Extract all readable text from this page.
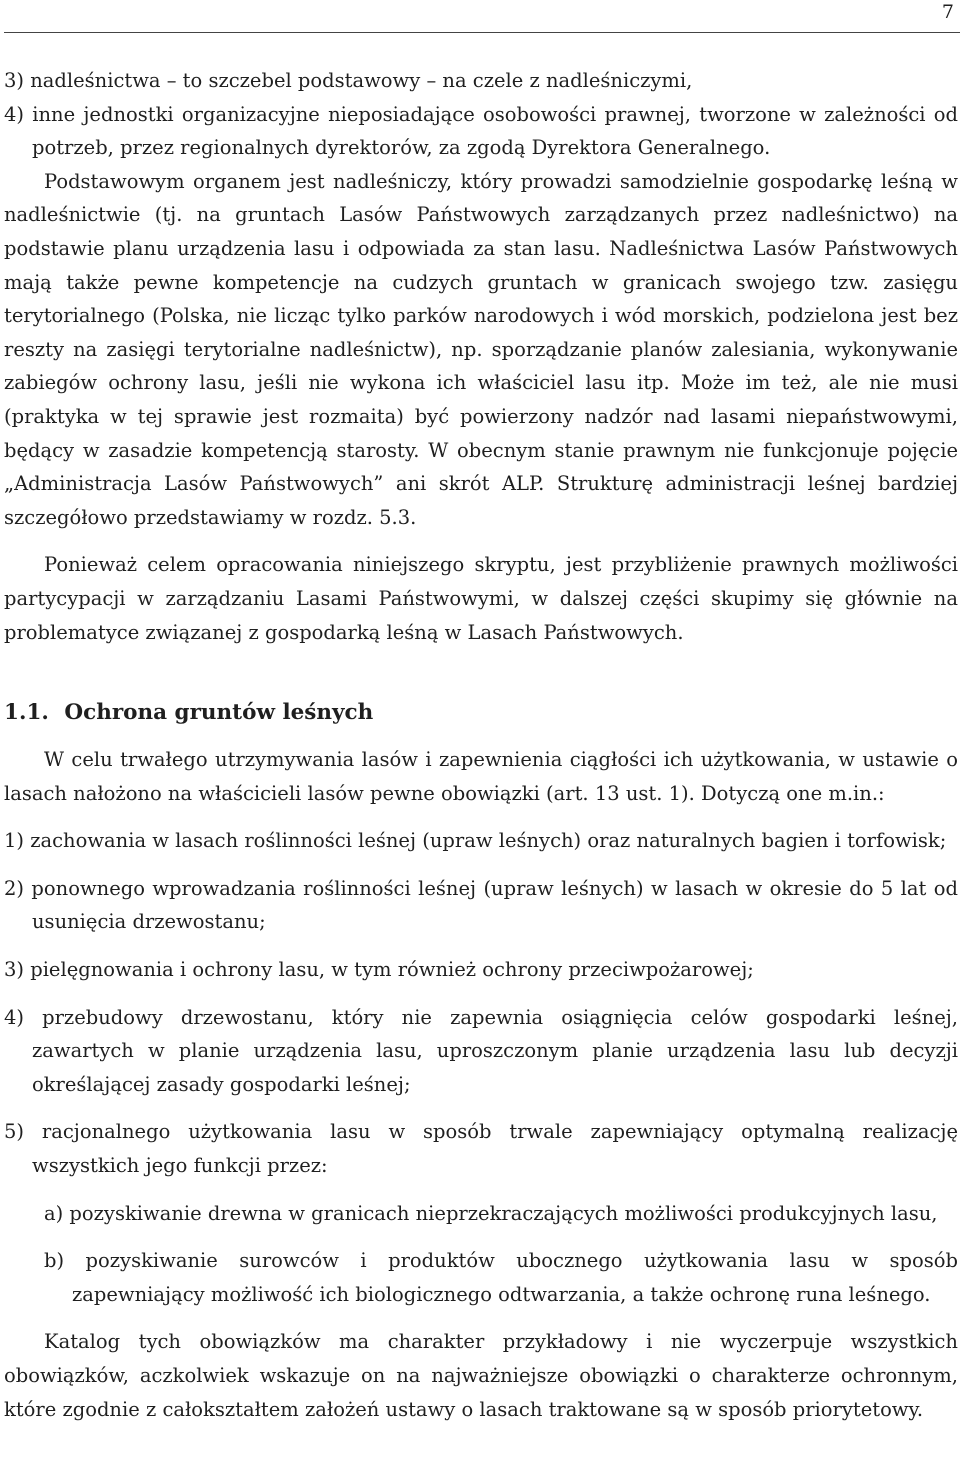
7

3) nadleśnictwa – to szczebel podstawowy – na czele z nadleśniczymi,

4) inne jednostki organizacyjne nieposiadające osobowości prawnej, tworzone w zależności od potrzeb, przez regionalnych dyrektorów, za zgodą Dyrektora Generalnego.

Podstawowym organem jest nadleśniczy, który prowadzi samodzielnie gospodarkę leśną w nadleśnictwie (tj. na gruntach Lasów Państwowych zarządzanych przez nadleśnictwo) na podstawie planu urządzenia lasu i odpowiada za stan lasu. Nadleśnictwa Lasów Państwowych mają także pewne kompetencje na cudzych gruntach w granicach swojego tzw. zasięgu terytorialnego (Polska, nie licząc tylko parków narodowych i wód morskich, podzielona jest bez reszty na zasięgi terytorialne nadleśnictw), np. sporządzanie planów zalesiania, wykonywanie zabiegów ochrony lasu, jeśli nie wykona ich właściciel lasu itp. Może im też, ale nie musi (praktyka w tej sprawie jest rozmaita) być powierzony nadzór nad lasami niepaństwowymi, będący w zasadzie kompetencją starosty. W obecnym stanie prawnym nie funkcjonuje pojęcie „Administracja Lasów Państwowych” ani skrót ALP. Strukturę administracji leśnej bardziej szczegółowo przedstawiamy w rozdz. 5.3.

Ponieważ celem opracowania niniejszego skryptu, jest przybliżenie prawnych możliwości partycypacji w zarządzaniu Lasami Państwowymi, w dalszej części skupimy się głównie na problematyce związanej z gospodarką leśną w Lasach Państwowych.

1.1. Ochrona gruntów leśnych

W celu trwałego utrzymywania lasów i zapewnienia ciągłości ich użytkowania, w ustawie o lasach nałożono na właścicieli lasów pewne obowiązki (art. 13 ust. 1). Dotyczą one m.in.:

1) zachowania w lasach roślinności leśnej (upraw leśnych) oraz naturalnych bagien i torfowisk;

2) ponownego wprowadzania roślinności leśnej (upraw leśnych) w lasach w okresie do 5 lat od usunięcia drzewostanu;

3) pielęgnowania i ochrony lasu, w tym również ochrony przeciwpożarowej;

4) przebudowy drzewostanu, który nie zapewnia osiągnięcia celów gospodarki leśnej, zawartych w planie urządzenia lasu, uproszczonym planie urządzenia lasu lub decyzji określającej zasady gospodarki leśnej;

5) racjonalnego użytkowania lasu w sposób trwale zapewniający optymalną realizację wszystkich jego funkcji przez:

a) pozyskiwanie drewna w granicach nieprzekraczających możliwości produkcyjnych lasu,

b) pozyskiwanie surowców i produktów ubocznego użytkowania lasu w sposób zapewniający możliwość ich biologicznego odtwarzania, a także ochronę runa leśnego.

Katalog tych obowiązków ma charakter przykładowy i nie wyczerpuje wszystkich obowiązków, aczkolwiek wskazuje on na najważniejsze obowiązki o charakterze ochronnym, które zgodnie z całokształtem założeń ustawy o lasach traktowane są w sposób priorytetowy.
